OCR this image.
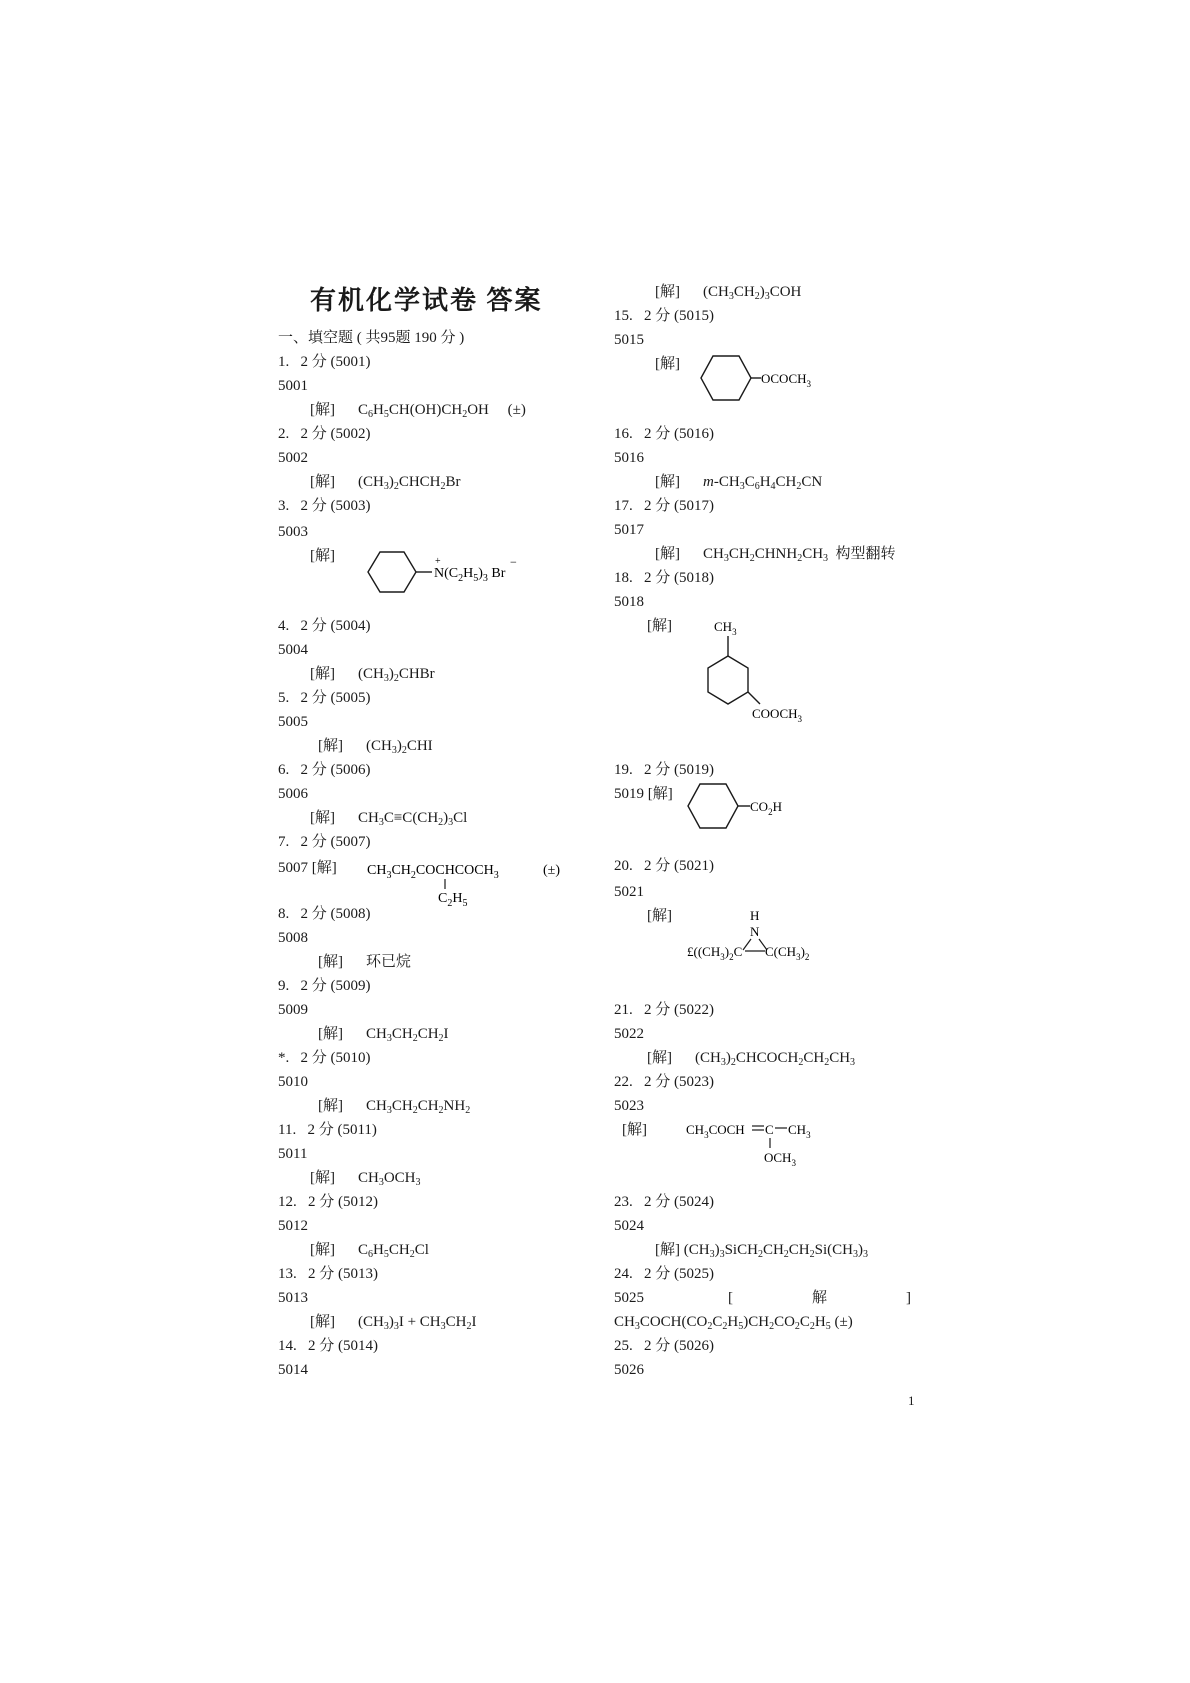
有机化学试卷 答案
一、填空题 ( 共95题 190 分 )
1. 2 分 (5001)
5001
[解] $C_6H_5CH(OH)CH_2OH$     (±)
2. 2 分 (5002)
5002
[解] $(CH_3)_2CHCH_2Br$
3. 2 分 (5003)
5003
[解]
$N(C_2H_5)_3$ Br
+	−
4. 2 分 (5004)
5004
[解] $(CH_3)_2CHBr$
5. 2 分 (5005)
5005
[解] $(CH_3)_2CHI$
6. 2 分 (5006)
5006
[解] $CH_3C\equiv C(CH_2)_3Cl$
7. 2 分 (5007)
5007 [解] $CH_3CH_2COCHCOCH_3$
$C_2H_5$
(±)
8. 2 分 (5008)
5008
[解] 环已烷
9. 2 分 (5009)
5009
[解] $CH_3CH_2CH_2I$
*. 2 分 (5010)
5010
[解] $CH_3CH_2CH_2NH_2$
11. 2 分 (5011)
5011
[解] $CH_3OCH_3$
12. 2 分 (5012)
5012
[解] $C_6H_5CH_2Cl$
13. 2 分 (5013)
5013
[解] $(CH_3)_3I + CH_3CH_2I$
14. 2 分 (5014)
5014
[解] $(CH_3CH_2)_3COH$
15. 2 分 (5015)
5015
[解]
$OCOCH_3$
16. 2 分 (5016)
5016
[解] $m-CH_3C_6H_4CH_2CN$
17. 2 分 (5017)
5017
[解] $CH_3CH_2CHNH_2CH_3$ 构型翻转
18. 2 分 (5018)
5018
[解]	$CH_3$
$COOCH_3$
19. 2 分 (5019)
5019 [解]
$CO_2H$
20. 2 分 (5021)
5021
[解]	H
N
$£((CH_3)_2C$ $C(CH_3)_2$
21. 2 分 (5022)
5022
[解] $(CH_3)_2CHCOCH_2CH_2CH_3$
22. 2 分 (5023)
5023
[解]	$CH_3COCH$ C $CH_3$
$OCH_3$
23. 2 分 (5024)
5024
[解] $(CH_3)_3SiCH_2CH_2CH_2Si(CH_3)_3$
24. 2 分 (5025)
5025	[	解	]
$CH_3COCH(CO_2C_2H_5)CH_2CO_2C_2H_5$ (±)
25. 2 分 (5026)
5026
1
